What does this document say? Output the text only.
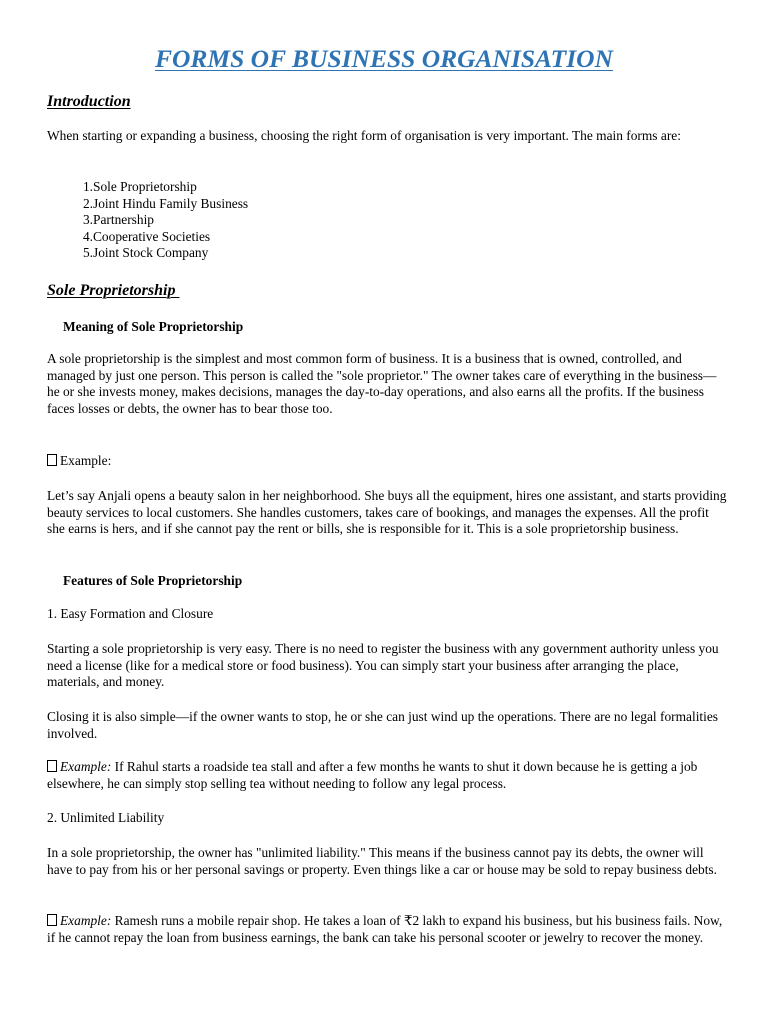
FORMS OF BUSINESS ORGANISATION
Introduction

When starting or expanding a business, choosing the right form of organisation is very important. The main forms are:

1. Sole Proprietorship
2. Joint Hindu Family Business
3. Partnership
4. Cooperative Societies
5. Joint Stock Company
Sole Proprietorship
Meaning of Sole Proprietorship

A sole proprietorship is the simplest and most common form of business. It is a business that is owned, controlled, and managed by just one person. This person is called the "sole proprietor." The owner takes care of everything in the business—he or she invests money, makes decisions, manages the day-to-day operations, and also earns all the profits. If the business faces losses or debts, the owner has to bear those too.

Example:

Let’s say Anjali opens a beauty salon in her neighborhood. She buys all the equipment, hires one assistant, and starts providing beauty services to local customers. She handles customers, takes care of bookings, and manages the expenses. All the profit she earns is hers, and if she cannot pay the rent or bills, she is responsible for it. This is a sole proprietorship business.

Features of Sole Proprietorship

1. Easy Formation and Closure

Starting a sole proprietorship is very easy. There is no need to register the business with any government authority unless you need a license (like for a medical store or food business). You can simply start your business after arranging the place, materials, and money.

Closing it is also simple—if the owner wants to stop, he or she can just wind up the operations. There are no legal formalities involved.

Example: If Rahul starts a roadside tea stall and after a few months he wants to shut it down because he is getting a job elsewhere, he can simply stop selling tea without needing to follow any legal process.

2. Unlimited Liability

In a sole proprietorship, the owner has "unlimited liability." This means if the business cannot pay its debts, the owner will have to pay from his or her personal savings or property. Even things like a car or house may be sold to repay business debts.

Example: Ramesh runs a mobile repair shop. He takes a loan of ₹2 lakh to expand his business, but his business fails. Now, if he cannot repay the loan from business earnings, the bank can take his personal scooter or jewelry to recover the money.
